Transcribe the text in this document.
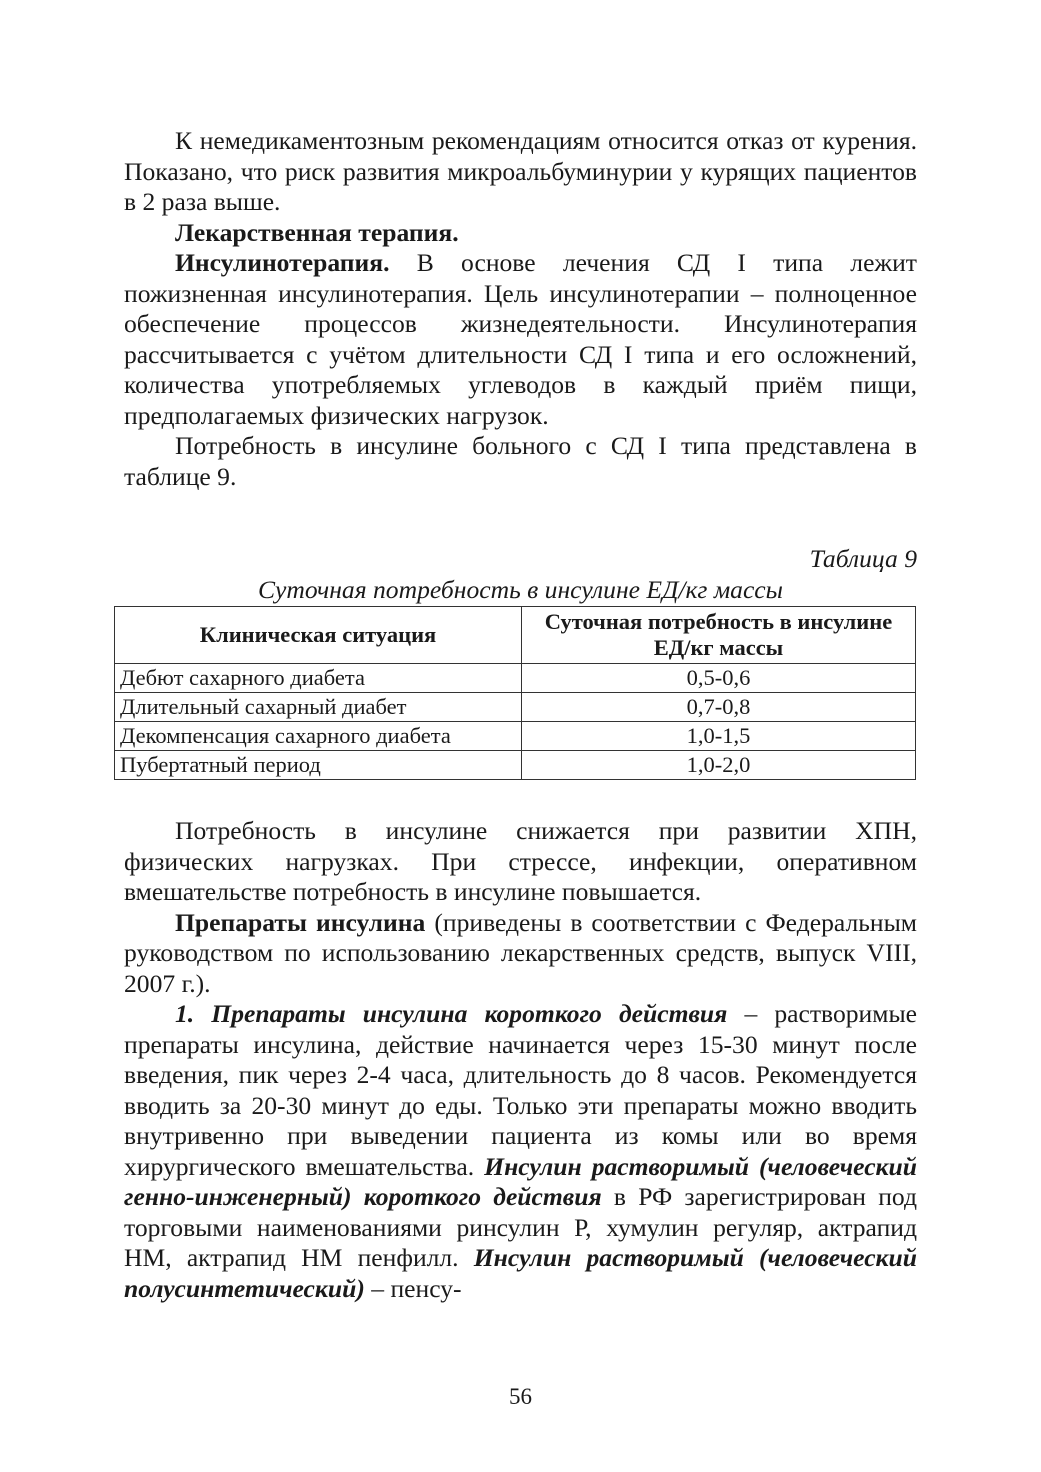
К немедикаментозным рекомендациям относится отказ от курения. Показано, что риск развития микроальбуминурии у курящих пациентов в 2 раза выше.

Лекарственная терапия.

Инсулинотерапия. В основе лечения СД I типа лежит пожизненная инсулинотерапия. Цель инсулинотерапии – полноценное обеспечение процессов жизнедеятельности. Инсулинотерапия рассчитывается с учётом длительности СД I типа и его осложнений, количества употребляемых углеводов в каждый приём пищи, предполагаемых физических нагрузок.

Потребность в инсулине больного с СД I типа представлена в таблице 9.

Таблица 9
Суточная потребность в инсулине ЕД/кг массы
Клиническая ситуация	Суточная потребность в инсулине ЕД/кг массы
Дебют сахарного диабета	0,5-0,6
Длительный сахарный диабет	0,7-0,8
Декомпенсация сахарного диабета	1,0-1,5
Пубертатный период	1,0-2,0

Потребность в инсулине снижается при развитии ХПН, физических нагрузках. При стрессе, инфекции, оперативном вмешательстве потребность в инсулине повышается.

Препараты инсулина (приведены в соответствии с Федеральным руководством по использованию лекарственных средств, выпуск VIII, 2007 г.).

1. Препараты инсулина короткого действия – растворимые препараты инсулина, действие начинается через 15-30 минут после введения, пик через 2-4 часа, длительность до 8 часов. Рекомендуется вводить за 20-30 минут до еды. Только эти препараты можно вводить внутривенно при выведении пациента из комы или во время хирургического вмешательства. Инсулин растворимый (человеческий генно-инженерный) короткого действия в РФ зарегистрирован под торговыми наименованиями ринсулин Р, хумулин регуляр, актрапид НМ, актрапид НМ пенфилл. Инсулин растворимый (человеческий полусинтетический) – пенсу-

56
